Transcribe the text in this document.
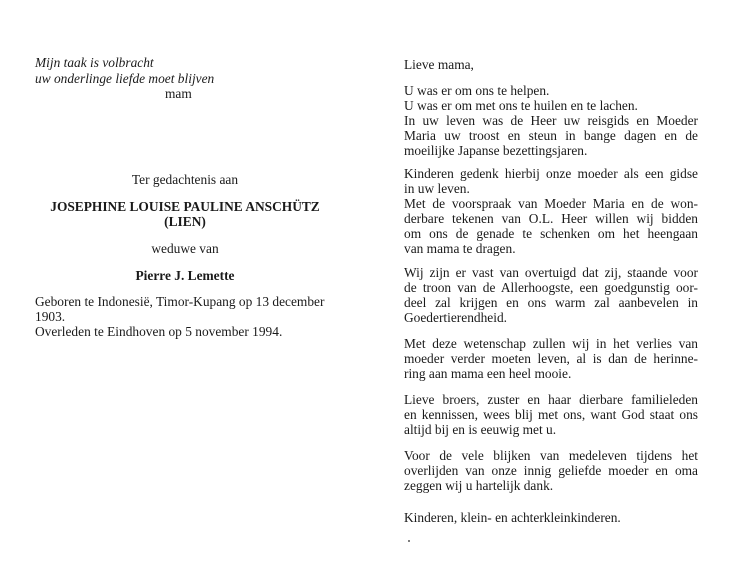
Mijn taak is volbracht
uw onderlinge liefde moet blijven
mam
Ter gedachtenis aan
JOSEPHINE LOUISE PAULINE ANSCHÜTZ
(LIEN)
weduwe van
Pierre J. Lemette
Geboren te Indonesië, Timor-Kupang op 13 december
1903.
Overleden te Eindhoven op 5 november 1994.
Lieve mama,
U was er om ons te helpen.
U was er om met ons te huilen en te lachen.
In uw leven was de Heer uw reisgids en Moeder
Maria uw troost en steun in bange dagen en de
moeilijke Japanse bezettingsjaren.
Kinderen gedenk hierbij onze moeder als een gidse
in uw leven.
Met de voorspraak van Moeder Maria en de won-
derbare tekenen van O.L. Heer willen wij bidden
om ons de genade te schenken om het heengaan
van mama te dragen.
Wij zijn er vast van overtuigd dat zij, staande voor
de troon van de Allerhoogste, een goedgunstig oor-
deel zal krijgen en ons warm zal aanbevelen in
Goedertierendheid.
Met deze wetenschap zullen wij in het verlies van
moeder verder moeten leven, al is dan de herinne-
ring aan mama een heel mooie.
Lieve broers, zuster en haar dierbare familieleden
en kennissen, wees blij met ons, want God staat ons
altijd bij en is eeuwig met u.
Voor de vele blijken van medeleven tijdens het
overlijden van onze innig geliefde moeder en oma
zeggen wij u hartelijk dank.
Kinderen, klein- en achterkleinkinderen.
